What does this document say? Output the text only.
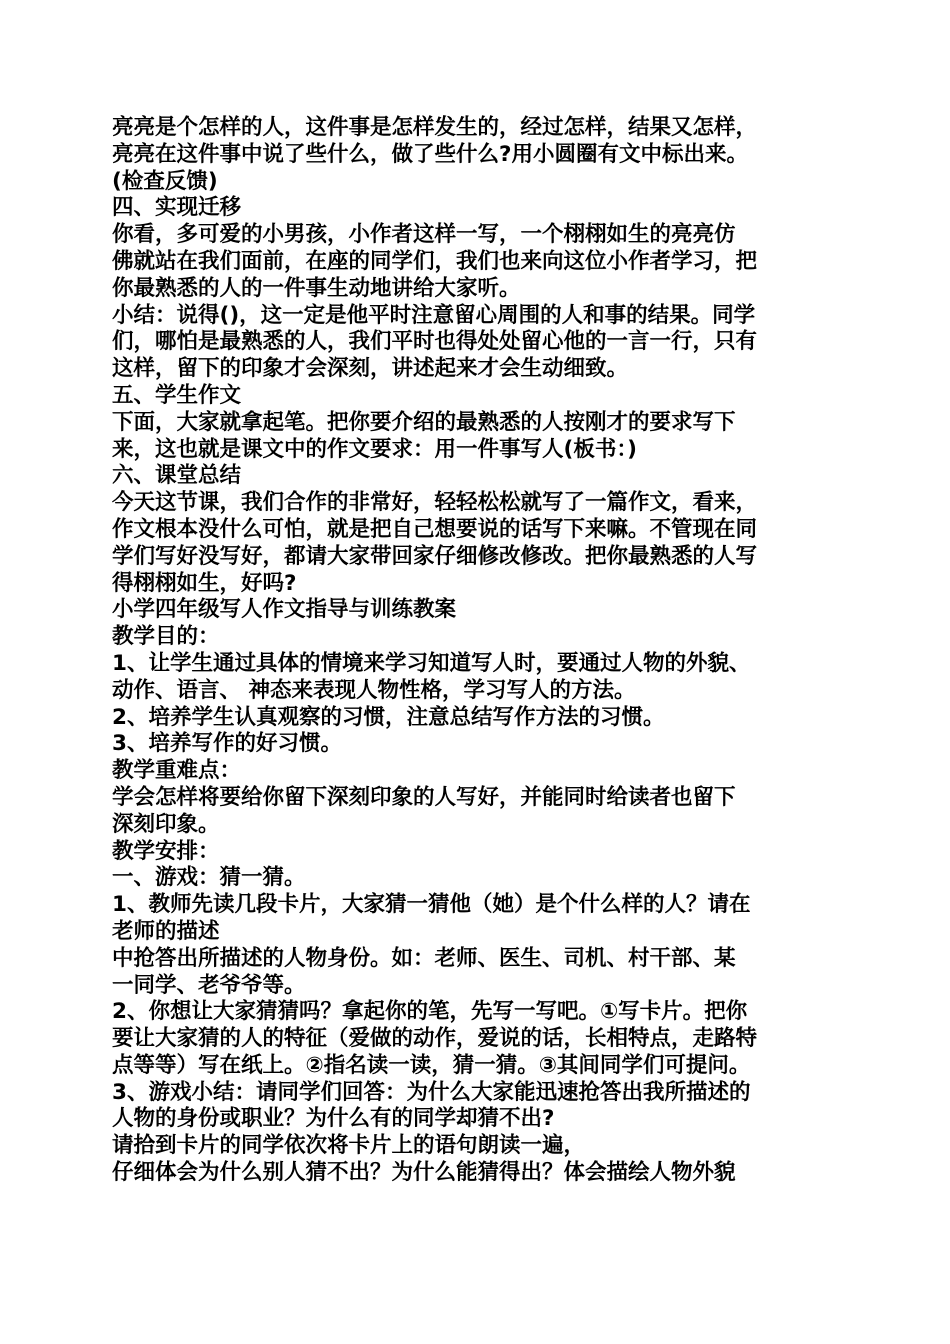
亮亮是个怎样的人，这件事是怎样发生的，经过怎样，结果又怎样，
亮亮在这件事中说了些什么，做了些什么?用小圆圈有文中标出来。
(检查反馈)
四、实现迁移
你看，多可爱的小男孩，小作者这样一写，一个栩栩如生的亮亮仿
佛就站在我们面前，在座的同学们，我们也来向这位小作者学习，把
你最熟悉的人的一件事生动地讲给大家听。
小结：说得()，这一定是他平时注意留心周围的人和事的结果。同学
们，哪怕是最熟悉的人，我们平时也得处处留心他的一言一行，只有
这样，留下的印象才会深刻，讲述起来才会生动细致。
五、学生作文
下面，大家就拿起笔。把你要介绍的最熟悉的人按刚才的要求写下
来，这也就是课文中的作文要求：用一件事写人(板书：)
六、课堂总结
今天这节课，我们合作的非常好，轻轻松松就写了一篇作文，看来，
作文根本没什么可怕，就是把自己想要说的话写下来嘛。不管现在同
学们写好没写好，都请大家带回家仔细修改修改。把你最熟悉的人写
得栩栩如生，好吗?
小学四年级写人作文指导与训练教案
教学目的：
1、让学生通过具体的情境来学习知道写人时，要通过人物的外貌、
动作、语言、 神态来表现人物性格，学习写人的方法。
2、培养学生认真观察的习惯，注意总结写作方法的习惯。
3、培养写作的好习惯。
教学重难点：
学会怎样将要给你留下深刻印象的人写好，并能同时给读者也留下
深刻印象。
教学安排：
一、游戏：猜一猜。
1、教师先读几段卡片，大家猜一猜他（她）是个什么样的人？请在
老师的描述
中抢答出所描述的人物身份。如：老师、医生、司机、村干部、某
一同学、老爷爷等。
2、你想让大家猜猜吗？拿起你的笔，先写一写吧。①写卡片。把你
要让大家猜的人的特征（爱做的动作，爱说的话，长相特点，走路特
点等等）写在纸上。②指名读一读，猜一猜。③其间同学们可提问。
3、游戏小结：请同学们回答：为什么大家能迅速抢答出我所描述的
人物的身份或职业？为什么有的同学却猜不出?
请拾到卡片的同学依次将卡片上的语句朗读一遍，
仔细体会为什么别人猜不出？为什么能猜得出？体会描绘人物外貌
